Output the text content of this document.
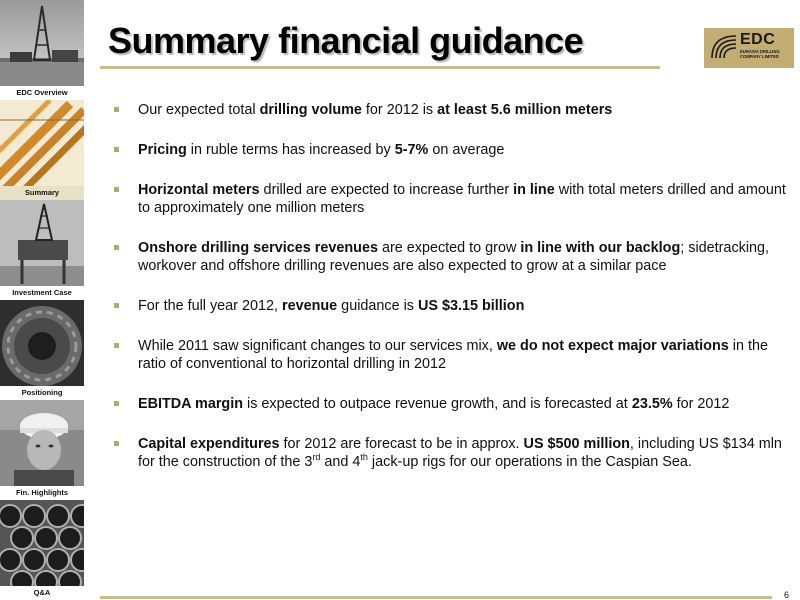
EDC Overview
Summary
Investment Case
Positioning
Fin. Highlights
Q&A
Summary financial guidance	EDC
EURASIA DRILLING COMPANY LIMITED
Our expected total drilling volume for 2012 is at least 5.6 million meters
Pricing in ruble terms has increased by 5-7% on average
Horizontal meters drilled are expected to increase further in line with total meters drilled and amount to approximately one million meters
Onshore drilling services revenues are expected to grow in line with our backlog; sidetracking, workover and offshore drilling revenues are also expected to grow at a similar pace
For the full year 2012, revenue guidance is US $3.15 billion
While 2011 saw significant changes to our services mix, we do not expect major variations in the ratio of conventional to horizontal drilling in 2012
EBITDA margin is expected to outpace revenue growth, and is forecasted at 23.5% for 2012
Capital expenditures for 2012 are forecast to be in approx. US $500 million, including US $134 mln for the construction of the 3rd and 4th jack-up rigs for our operations in the Caspian Sea.
6
